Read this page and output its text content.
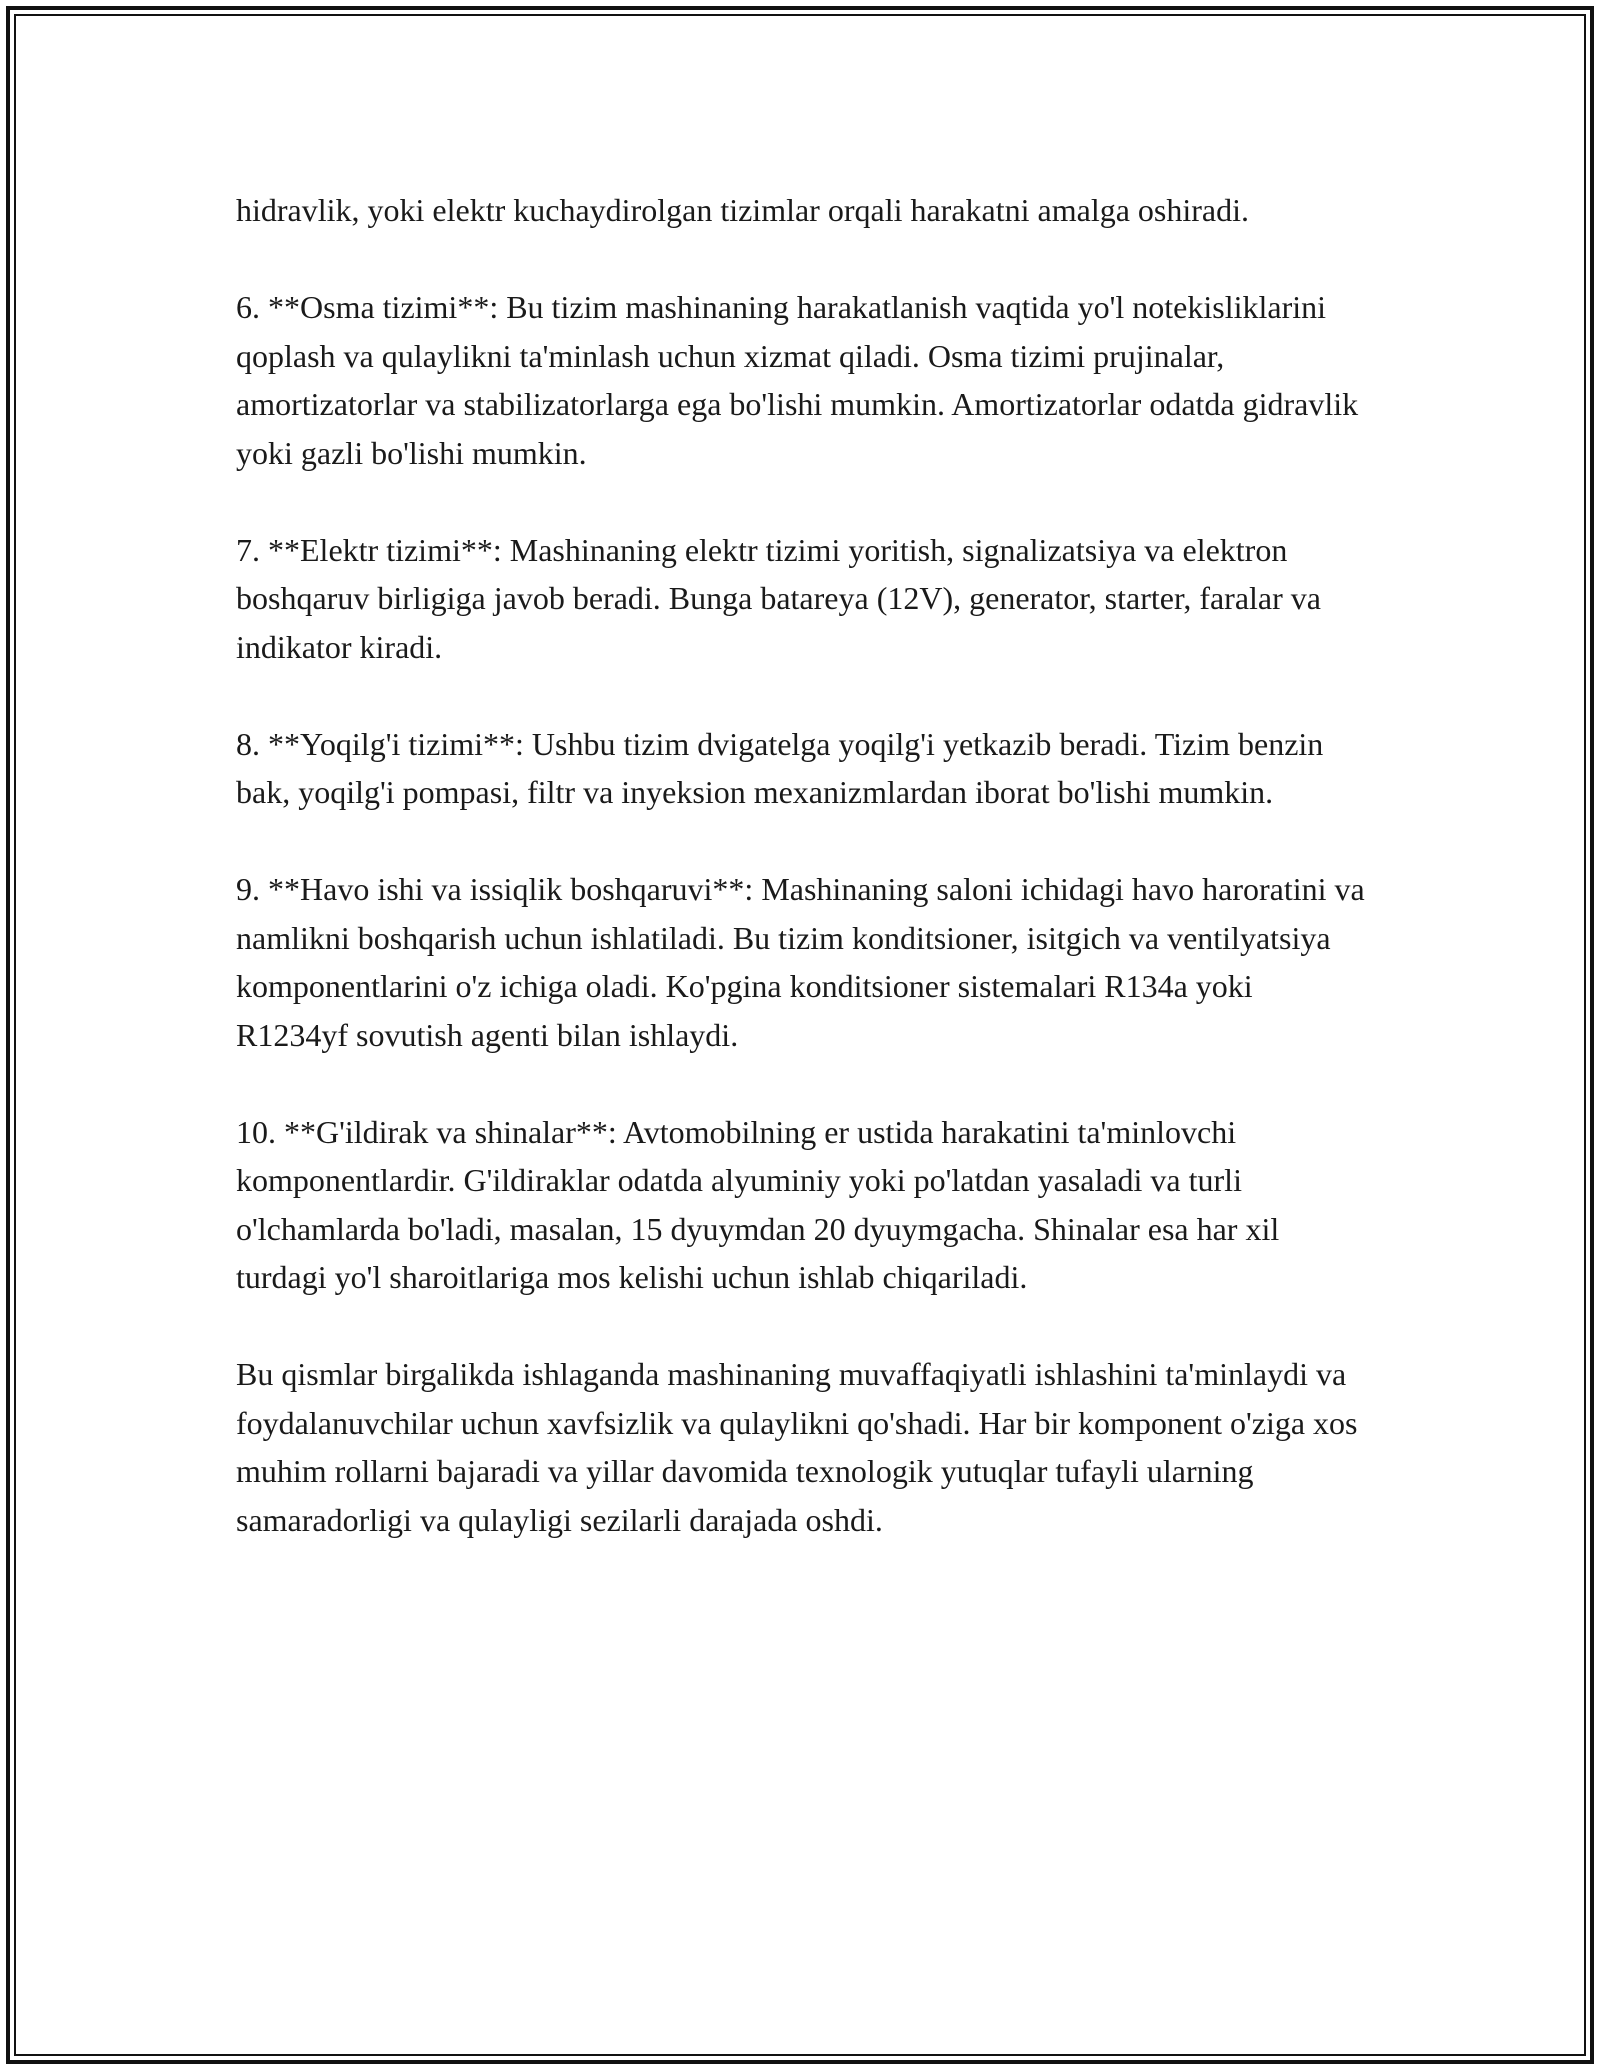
hidravlik, yoki elektr kuchaydirolgan tizimlar orqali harakatni amalga oshiradi.

6. **Osma tizimi**: Bu tizim mashinaning harakatlanish vaqtida yo'l notekisliklarini qoplash va qulaylikni ta'minlash uchun xizmat qiladi. Osma tizimi prujinalar, amortizatorlar va stabilizatorlarga ega bo'lishi mumkin. Amortizatorlar odatda gidravlik yoki gazli bo'lishi mumkin.

7. **Elektr tizimi**: Mashinaning elektr tizimi yoritish, signalizatsiya va elektron boshqaruv birligiga javob beradi. Bunga batareya (12V), generator, starter, faralar va indikator kiradi.

8. **Yoqilg'i tizimi**: Ushbu tizim dvigatelga yoqilg'i yetkazib beradi. Tizim benzin bak, yoqilg'i pompasi, filtr va inyeksion mexanizmlardan iborat bo'lishi mumkin.

9. **Havo ishi va issiqlik boshqaruvi**: Mashinaning saloni ichidagi havo haroratini va namlikni boshqarish uchun ishlatiladi. Bu tizim konditsioner, isitgich va ventilyatsiya komponentlarini o'z ichiga oladi. Ko'pgina konditsioner sistemalari R134a yoki R1234yf sovutish agenti bilan ishlaydi.

10. **G'ildirak va shinalar**: Avtomobilning er ustida harakatini ta'minlovchi komponentlardir. G'ildiraklar odatda alyuminiy yoki po'latdan yasaladi va turli o'lchamlarda bo'ladi, masalan, 15 dyuymdan 20 dyuymgacha. Shinalar esa har xil turdagi yo'l sharoitlariga mos kelishi uchun ishlab chiqariladi.

Bu qismlar birgalikda ishlaganda mashinaning muvaffaqiyatli ishlashini ta'minlaydi va foydalanuvchilar uchun xavfsizlik va qulaylikni qo'shadi. Har bir komponent o'ziga xos muhim rollarni bajaradi va yillar davomida texnologik yutuqlar tufayli ularning samaradorligi va qulayligi sezilarli darajada oshdi.
